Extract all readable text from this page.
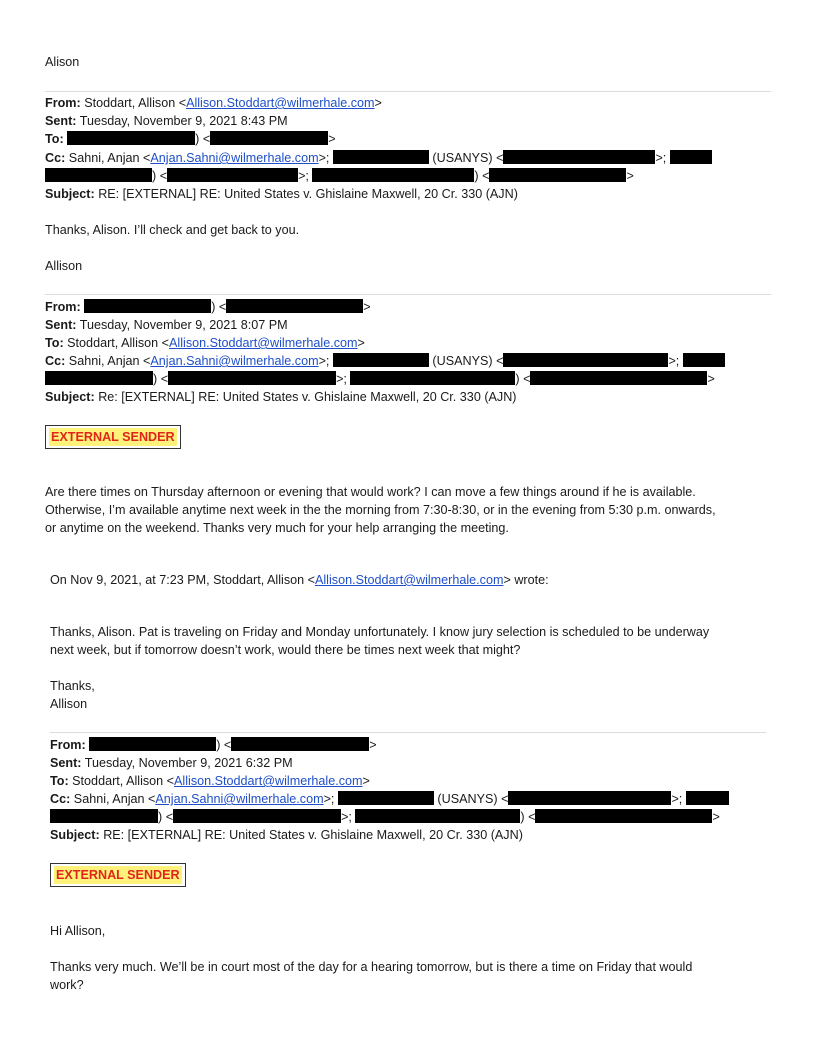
Alison
From: Stoddart, Allison <Allison.Stoddart@wilmerhale.com>
Sent: Tuesday, November 9, 2021 8:43 PM
To:	) <	>
Cc: Sahni, Anjan <Anjan.Sahni@wilmerhale.com>;	(USANYS) <	>;
) <	>;	) <	>
Subject: RE: [EXTERNAL] RE: United States v. Ghislaine Maxwell, 20 Cr. 330 (AJN)
Thanks, Alison. I’ll check and get back to you.
Allison
From:	) <	>
Sent: Tuesday, November 9, 2021 8:07 PM
To: Stoddart, Allison <Allison.Stoddart@wilmerhale.com>
Cc: Sahni, Anjan <Anjan.Sahni@wilmerhale.com>;	(USANYS) <	>;
) <	>;	) <	>
Subject: Re: [EXTERNAL] RE: United States v. Ghislaine Maxwell, 20 Cr. 330 (AJN)
EXTERNAL SENDER
Are there times on Thursday afternoon or evening that would work? I can move a few things around if he is available.
Otherwise, I’m available anytime next week in the the morning from 7:30-8:30, or in the evening from 5:30 p.m. onwards,
or anytime on the weekend. Thanks very much for your help arranging the meeting.
On Nov 9, 2021, at 7:23 PM, Stoddart, Allison <Allison.Stoddart@wilmerhale.com> wrote:
Thanks, Alison. Pat is traveling on Friday and Monday unfortunately. I know jury selection is scheduled to be underway
next week, but if tomorrow doesn’t work, would there be times next week that might?
Thanks,
Allison
From:	) <	>
Sent: Tuesday, November 9, 2021 6:32 PM
To: Stoddart, Allison <Allison.Stoddart@wilmerhale.com>
Cc: Sahni, Anjan <Anjan.Sahni@wilmerhale.com>;	(USANYS) <	>;
) <	>;	) <	>
Subject: RE: [EXTERNAL] RE: United States v. Ghislaine Maxwell, 20 Cr. 330 (AJN)
EXTERNAL SENDER
Hi Allison,
Thanks very much. We’ll be in court most of the day for a hearing tomorrow, but is there a time on Friday that would
work?
